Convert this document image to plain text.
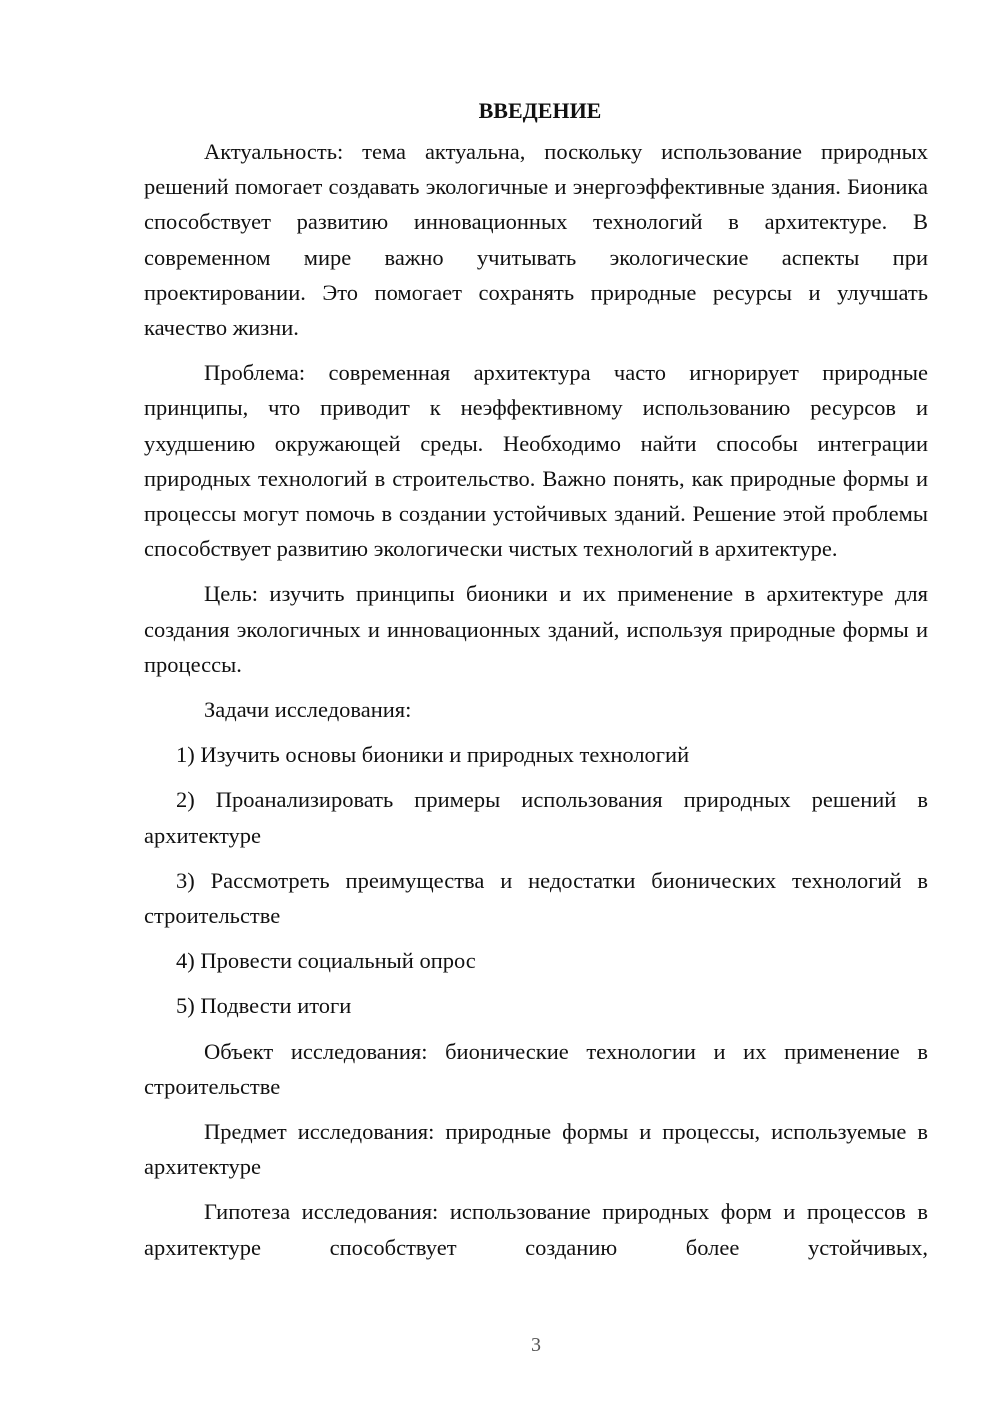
ВВЕДЕНИЕ

Актуальность: тема актуальна, поскольку использование природных решений помогает создавать экологичные и энергоэффективные здания. Бионика способствует развитию инновационных технологий в архитектуре. В современном мире важно учитывать экологические аспекты при проектировании. Это помогает сохранять природные ресурсы и улучшать качество жизни.

Проблема: современная архитектура часто игнорирует природные принципы, что приводит к неэффективному использованию ресурсов и ухудшению окружающей среды. Необходимо найти способы интеграции природных технологий в строительство. Важно понять, как природные формы и процессы могут помочь в создании устойчивых зданий. Решение этой проблемы способствует развитию экологически чистых технологий в архитектуре.

Цель: изучить принципы бионики и их применение в архитектуре для создания экологичных и инновационных зданий, используя природные формы и процессы.

Задачи исследования:

1) Изучить основы бионики и природных технологий

2) Проанализировать примеры использования природных решений в архитектуре

3) Рассмотреть преимущества и недостатки бионических технологий в строительстве

4) Провести социальный опрос

5) Подвести итоги

Объект исследования: бионические технологии и их применение в строительстве

Предмет исследования: природные формы и процессы, используемые в архитектуре

Гипотеза исследования: использование природных форм и процессов в архитектуре способствует созданию более устойчивых,

3
